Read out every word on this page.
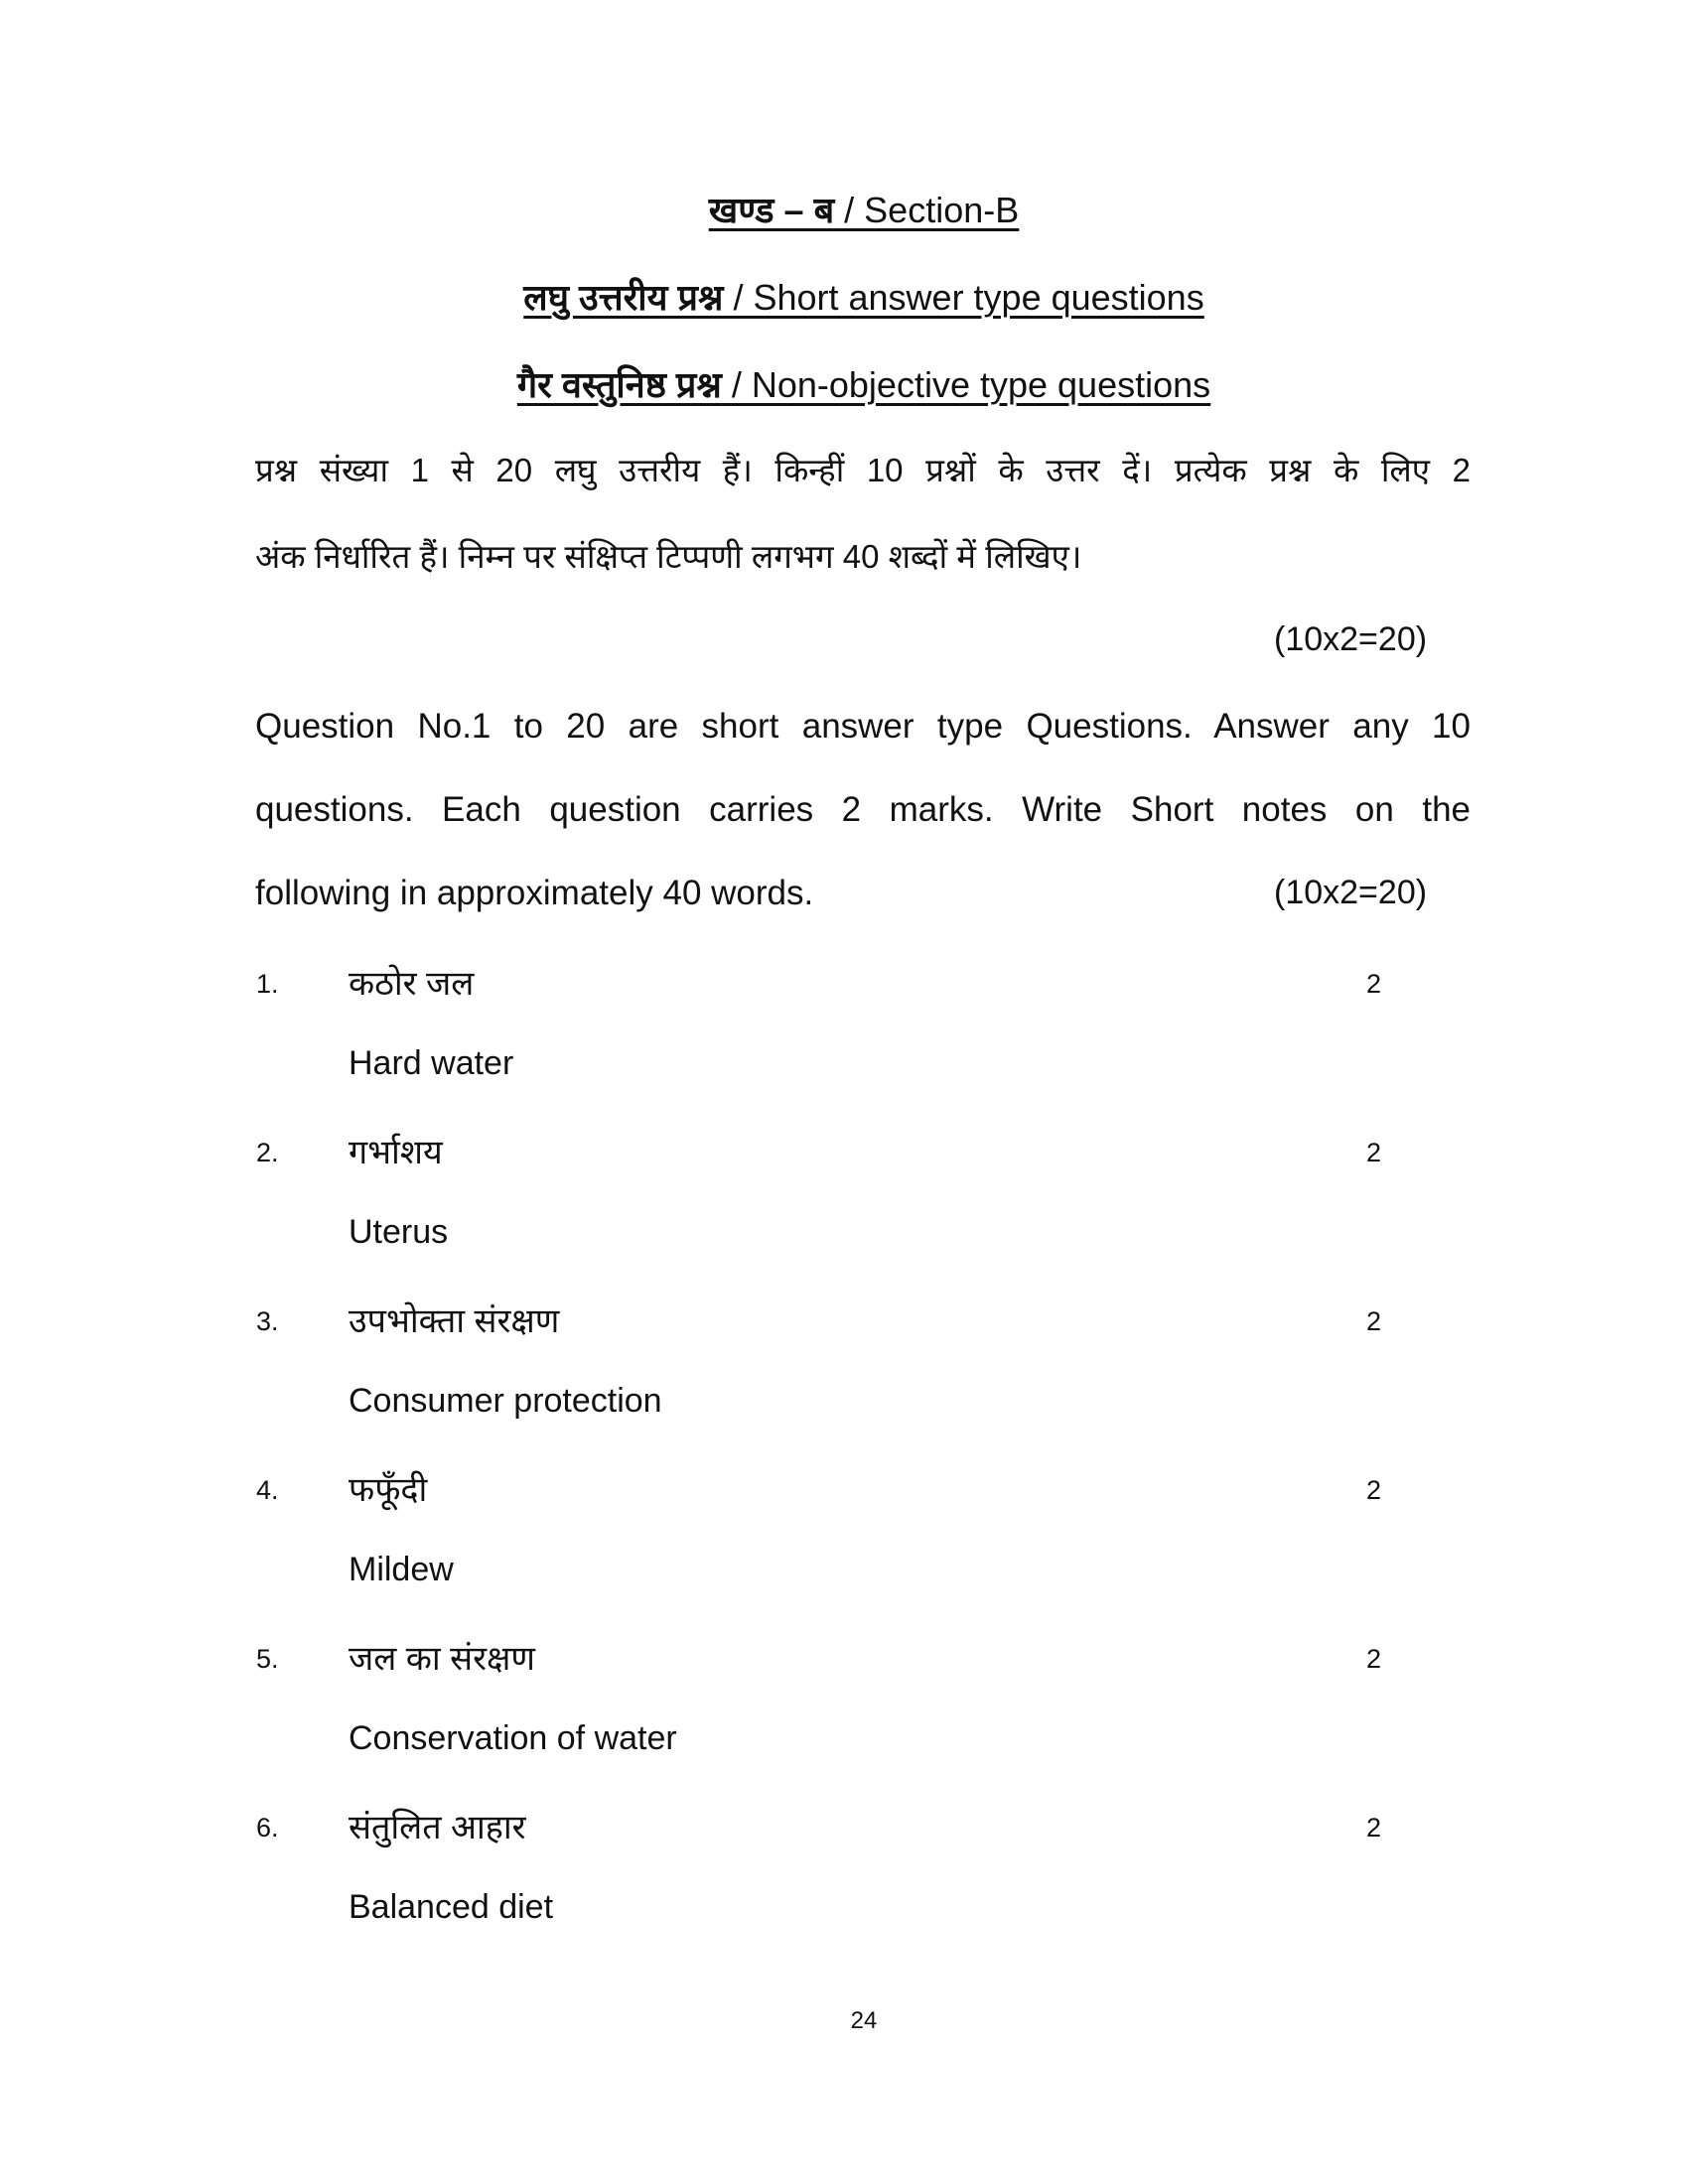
खण्ड – ब / Section-B
लघु उत्तरीय प्रश्न / Short answer type questions
गैर वस्तुनिष्ठ प्रश्न / Non-objective type questions
प्रश्न संख्या 1 से 20 लघु उत्तरीय हैं। किन्हीं 10 प्रश्नों के उत्तर दें। प्रत्येक प्रश्न के लिए 2
अंक निर्धारित हैं। निम्न पर संक्षिप्त टिप्पणी लगभग 40 शब्दों में लिखिए।
(10x2=20)
Question No.1 to 20 are short answer type Questions. Answer any 10
questions. Each question carries 2 marks. Write Short notes on the
following in approximately 40 words.	(10x2=20)
1. कठोर जल	2
Hard water
2. गर्भाशय	2
Uterus
3. उपभोक्ता संरक्षण	2
Consumer protection
4. फफूँदी	2
Mildew
5. जल का संरक्षण	2
Conservation of water
6. संतुलित आहार	2
Balanced diet
24
